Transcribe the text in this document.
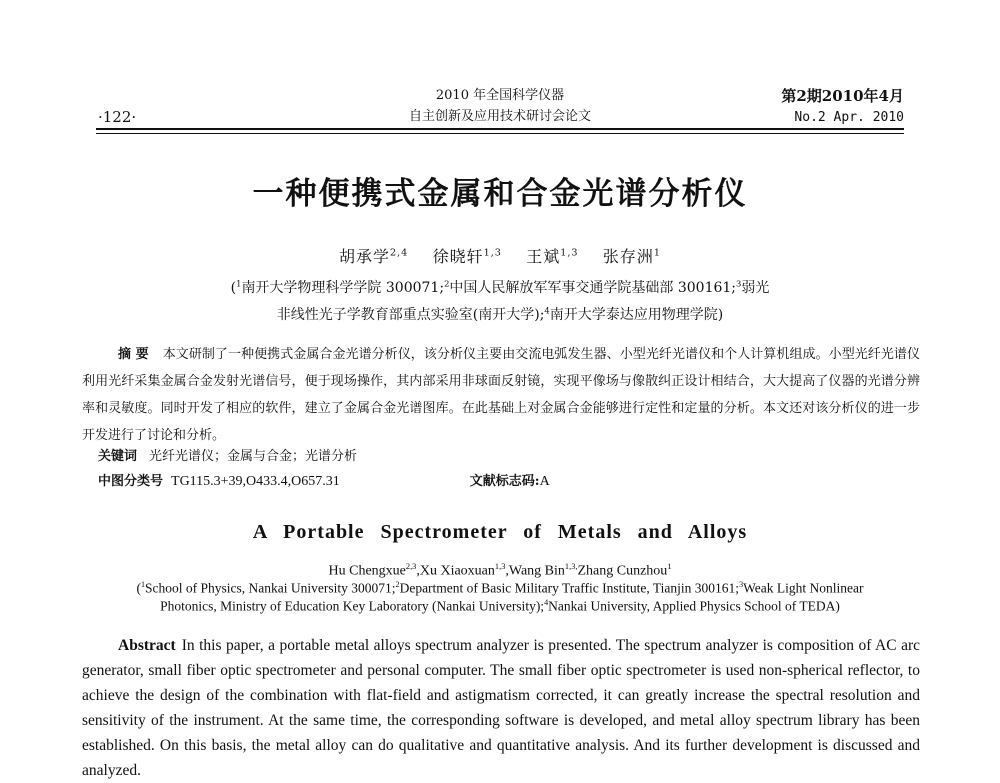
·122·
2010 年全国科学仪器
自主创新及应用技术研讨会论文
第2期2010年4月
No.2 Apr. 2010
一种便携式金属和合金光谱分析仪
胡承学$^{2,4}$ 徐晓轩$^{1,3}$ 王斌$^{1,3}$ 张存洲$^1$
($^1$南开大学物理科学学院 300071;$^2$中国人民解放军军事交通学院基础部 300161;$^3$弱光
非线性光子学教育部重点实验室(南开大学);$^4$南开大学泰达应用物理学院)
摘 要 本文研制了一种便携式金属合金光谱分析仪，该分析仪主要由交流电弧发生器、小型光纤光谱仪和个人计算机组成。小型光纤光谱仪利用光纤采集金属合金发射光谱信号，便于现场操作，其内部采用非球面反射镜，实现平像场与像散纠正设计相结合，大大提高了仪器的光谱分辨率和灵敏度。同时开发了相应的软件，建立了金属合金光谱图库。在此基础上对金属合金能够进行定性和定量的分析。本文还对该分析仪的进一步开发进行了讨论和分析。
关键词 光纤光谱仪；金属与合金；光谱分析
中图分类号 TG115.3+39,O433.4,O657.31	文献标志码:A
A Portable Spectrometer of Metals and Alloys
Hu Chengxue$^{2,3}$,Xu Xiaoxuan$^{1,3}$,Wang Bin$^{1,3,}$Zhang Cunzhou$^1$
($^1$School of Physics, Nankai University 300071;$^2$Department of Basic Military Traffic Institute, Tianjin 300161;$^3$Weak Light Nonlinear
Photonics, Ministry of Education Key Laboratory (Nankai University);$^4$Nankai University, Applied Physics School of TEDA)
Abstract In this paper, a portable metal alloys spectrum analyzer is presented. The spectrum analyzer is composition of AC arc generator, small fiber optic spectrometer and personal computer. The small fiber optic spectrometer is used non-spherical reflector, to achieve the design of the combination with flat-field and astigmatism corrected, it can greatly increase the spectral resolution and sensitivity of the instrument. At the same time, the corresponding software is developed, and metal alloy spectrum library has been established. On this basis, the metal alloy can do qualitative and quantitative analysis. And its further development is discussed and analyzed.
